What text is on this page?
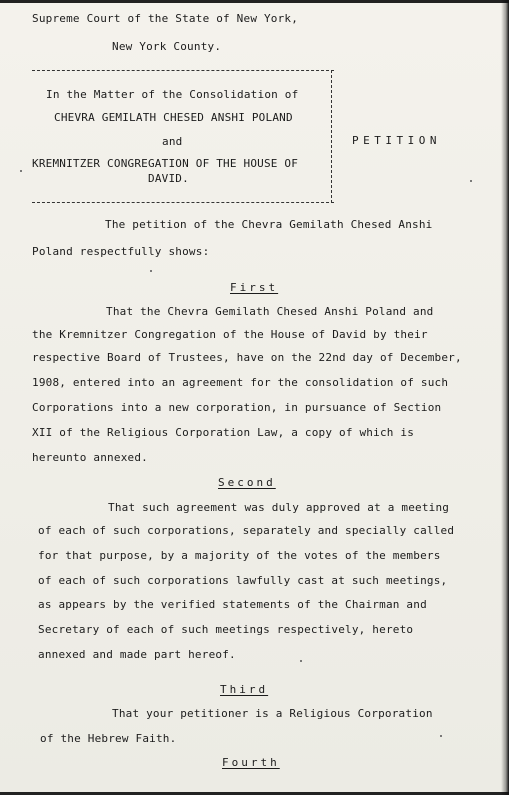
Supreme Court of the State of New York,
New York County.
In the Matter of the Consolidation of
CHEVRA GEMILATH CHESED ANSHI POLAND
and
KREMNITZER CONGREGATION OF THE HOUSE OF
DAVID.
PETITION
The petition of the Chevra Gemilath Chesed Anshi
Poland respectfully shows:
First
That the Chevra Gemilath Chesed Anshi Poland and
the Kremnitzer Congregation of the House of David by their
respective Board of Trustees, have on the 22nd day of December,
1908, entered into an agreement for the consolidation of such
Corporations into a new corporation, in pursuance of Section
XII of the Religious Corporation Law, a copy of which is
hereunto annexed.
Second
That such agreement was duly approved at a meeting
of each of such corporations, separately and specially called
for that purpose, by a majority of the votes of the members
of each of such corporations lawfully cast at such meetings,
as appears by the verified statements of the Chairman and
Secretary of each of such meetings respectively, hereto
annexed and made part hereof.
Third
That your petitioner is a Religious Corporation
of the Hebrew Faith.
Fourth
